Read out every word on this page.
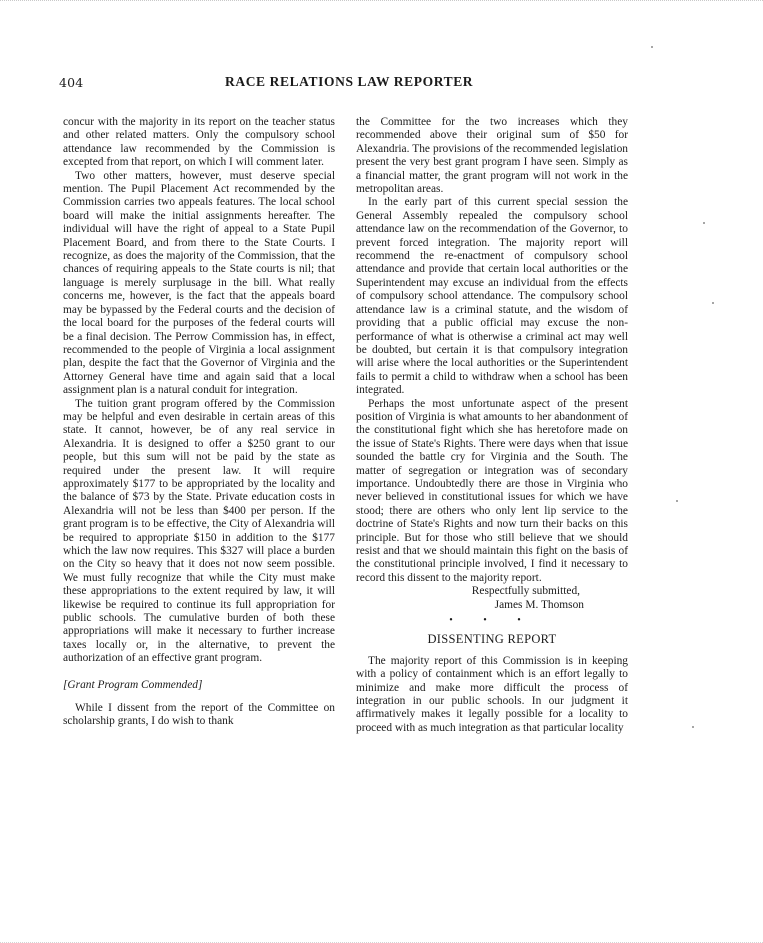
404	RACE RELATIONS LAW REPORTER

concur with the majority in its report on the teacher status and other related matters. Only the compulsory school attendance law recommended by the Commission is excepted from that report, on which I will comment later.

Two other matters, however, must deserve special mention. The Pupil Placement Act recommended by the Commission carries two appeals features. The local school board will make the initial assignments hereafter. The individual will have the right of appeal to a State Pupil Placement Board, and from there to the State Courts. I recognize, as does the majority of the Commission, that the chances of requiring appeals to the State courts is nil; that language is merely surplusage in the bill. What really concerns me, however, is the fact that the appeals board may be bypassed by the Federal courts and the decision of the local board for the purposes of the federal courts will be a final decision. The Perrow Commission has, in effect, recommended to the people of Virginia a local assignment plan, despite the fact that the Governor of Virginia and the Attorney General have time and again said that a local assignment plan is a natural conduit for integration.

The tuition grant program offered by the Commission may be helpful and even desirable in certain areas of this state. It cannot, however, be of any real service in Alexandria. It is designed to offer a $250 grant to our people, but this sum will not be paid by the state as required under the present law. It will require approximately $177 to be appropriated by the locality and the balance of $73 by the State. Private education costs in Alexandria will not be less than $400 per person. If the grant program is to be effective, the City of Alexandria will be required to appropriate $150 in addition to the $177 which the law now requires. This $327 will place a burden on the City so heavy that it does not now seem possible. We must fully recognize that while the City must make these appropriations to the extent required by law, it will likewise be required to continue its full appropriation for public schools. The cumulative burden of both these appropriations will make it necessary to further increase taxes locally or, in the alternative, to prevent the authorization of an effective grant program.

[Grant Program Commended]

While I dissent from the report of the Committee on scholarship grants, I do wish to thank

the Committee for the two increases which they recommended above their original sum of $50 for Alexandria. The provisions of the recommended legislation present the very best grant program I have seen. Simply as a financial matter, the grant program will not work in the metropolitan areas.

In the early part of this current special session the General Assembly repealed the compulsory school attendance law on the recommendation of the Governor, to prevent forced integration. The majority report will recommend the re-enactment of compulsory school attendance and provide that certain local authorities or the Superintendent may excuse an individual from the effects of compulsory school attendance. The compulsory school attendance law is a criminal statute, and the wisdom of providing that a public official may excuse the non-performance of what is otherwise a criminal act may well be doubted, but certain it is that compulsory integration will arise where the local authorities or the Superintendent fails to permit a child to withdraw when a school has been integrated.

Perhaps the most unfortunate aspect of the present position of Virginia is what amounts to her abandonment of the constitutional fight which she has heretofore made on the issue of State's Rights. There were days when that issue sounded the battle cry for Virginia and the South. The matter of segregation or integration was of secondary importance. Undoubtedly there are those in Virginia who never believed in constitutional issues for which we have stood; there are others who only lent lip service to the doctrine of State's Rights and now turn their backs on this principle. But for those who still believe that we should resist and that we should maintain this fight on the basis of the constitutional principle involved, I find it necessary to record this dissent to the majority report.

Respectfully submitted,

James M. Thomson

• • •
DISSENTING REPORT

The majority report of this Commission is in keeping with a policy of containment which is an effort legally to minimize and make more difficult the process of integration in our public schools. In our judgment it affirmatively makes it legally possible for a locality to proceed with as much integration as that particular locality
